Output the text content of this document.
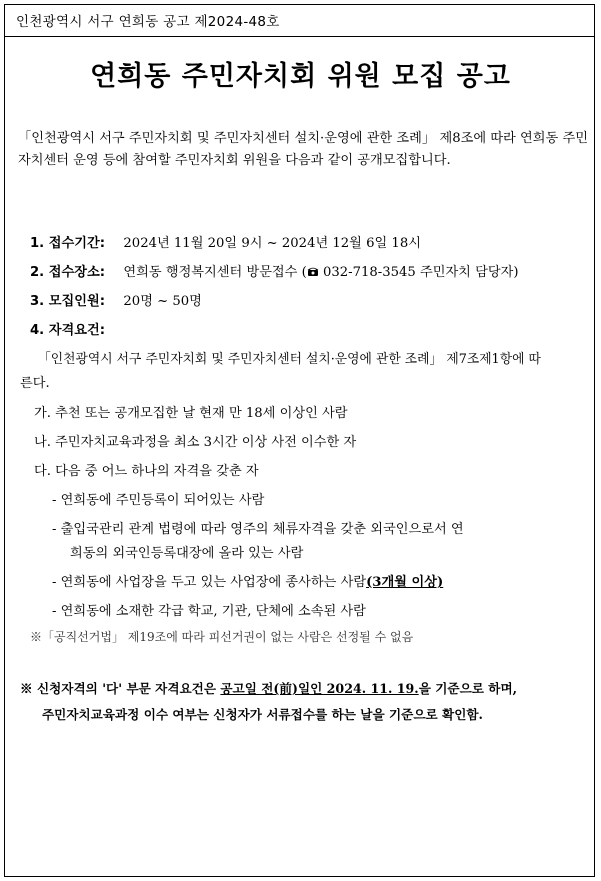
인천광역시 서구 연희동 공고 제2024-48호
연희동 주민자치회 위원 모집 공고
「인천광역시 서구 주민자치회 및 주민자치센터 설치·운영에 관한 조례」 제8조에 따라 연희동 주민자치센터 운영 등에 참여할 주민자치회 위원을 다음과 같이 공개모집합니다.
1. 접수기간: 2024년 11월 20일 9시 ~ 2024년 12월 6일 18시
2. 접수장소: 연희동 행정복지센터 방문접수 ( 032-718-3545 주민자치 담당자)
3. 모집인원: 20명 ~ 50명
4. 자격요건:
「인천광역시 서구 주민자치회 및 주민자치센터 설치·운영에 관한 조례」 제7조제1항에 따
른다.
가. 추천 또는 공개모집한 날 현재 만 18세 이상인 사람
나. 주민자치교육과정을 최소 3시간 이상 사전 이수한 자
다. 다음 중 어느 하나의 자격을 갖춘 자
- 연희동에 주민등록이 되어있는 사람
- 출입국관리 관계 법령에 따라 영주의 체류자격을 갖춘 외국인으로서 연
희동의 외국인등록대장에 올라 있는 사람
- 연희동에 사업장을 두고 있는 사업장에 종사하는 사람(3개월 이상)
- 연희동에 소재한 각급 학교, 기관, 단체에 소속된 사람
※「공직선거법」 제19조에 따라 피선거권이 없는 사람은 선정될 수 없음
※ 신청자격의 '다' 부문 자격요건은 공고일 전(前)일인 2024. 11. 19.을 기준으로 하며,
주민자치교육과정 이수 여부는 신청자가 서류접수를 하는 날을 기준으로 확인함.
